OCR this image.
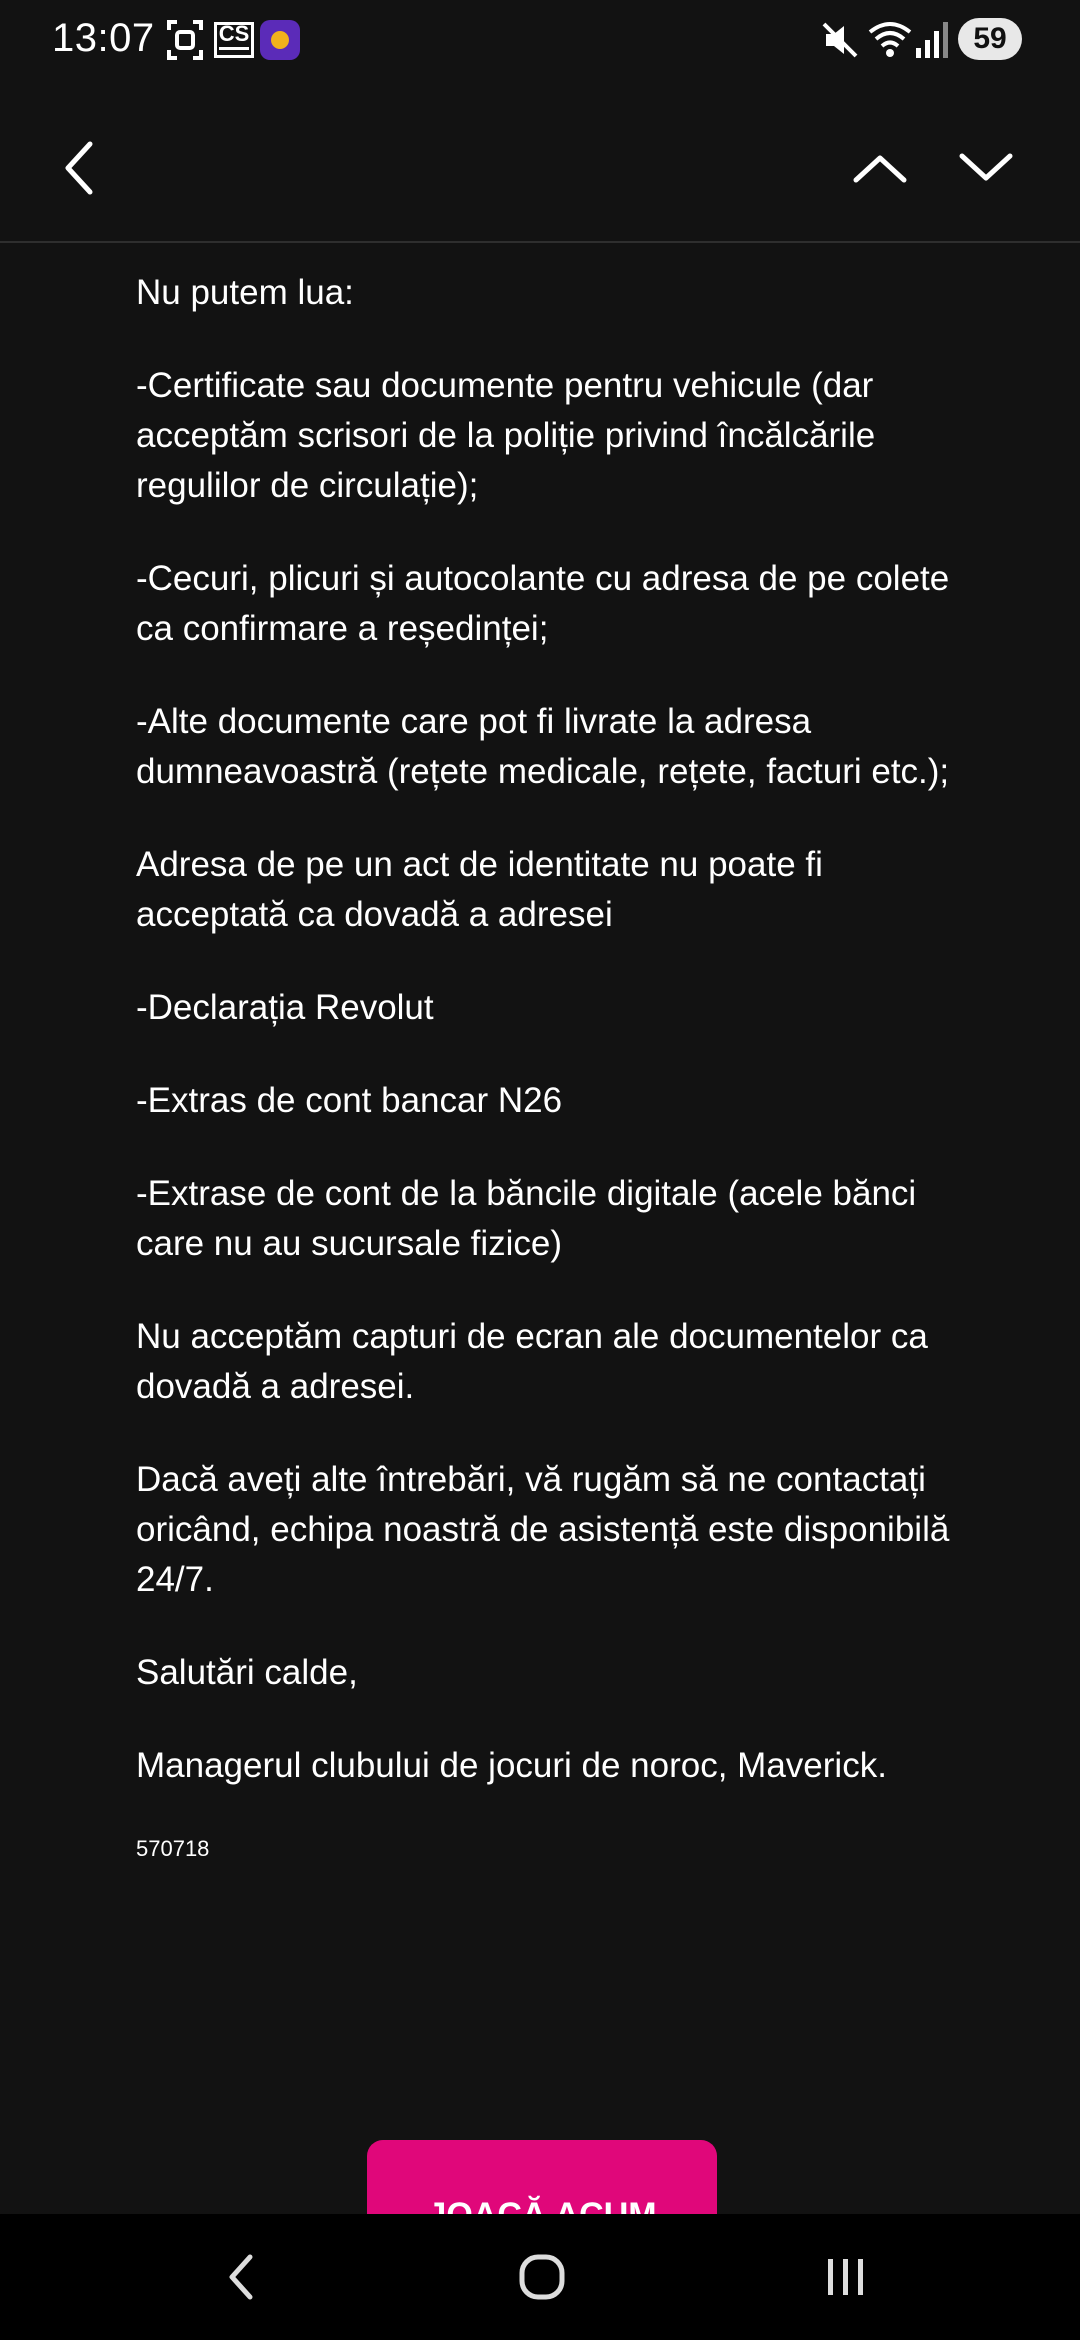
13:07	CS	59

Nu putem lua:

-Certificate sau documente pentru vehicule (dar acceptăm scrisori de la poliție privind încălcările regulilor de circulație);

-Cecuri, plicuri și autocolante cu adresa de pe colete ca confirmare a reședinței;

-Alte documente care pot fi livrate la adresa dumneavoastră (rețete medicale, rețete, facturi etc.);

Adresa de pe un act de identitate nu poate fi acceptată ca dovadă a adresei

-Declarația Revolut

-Extras de cont bancar N26

-Extrase de cont de la băncile digitale (acele bănci care nu au sucursale fizice)

Nu acceptăm capturi de ecran ale documentelor ca dovadă a adresei.

Dacă aveți alte întrebări, vă rugăm să ne contactați oricând, echipa noastră de asistență este disponibilă 24/7.

Salutări calde,

Managerul clubului de jocuri de noroc, Maverick.

570718
